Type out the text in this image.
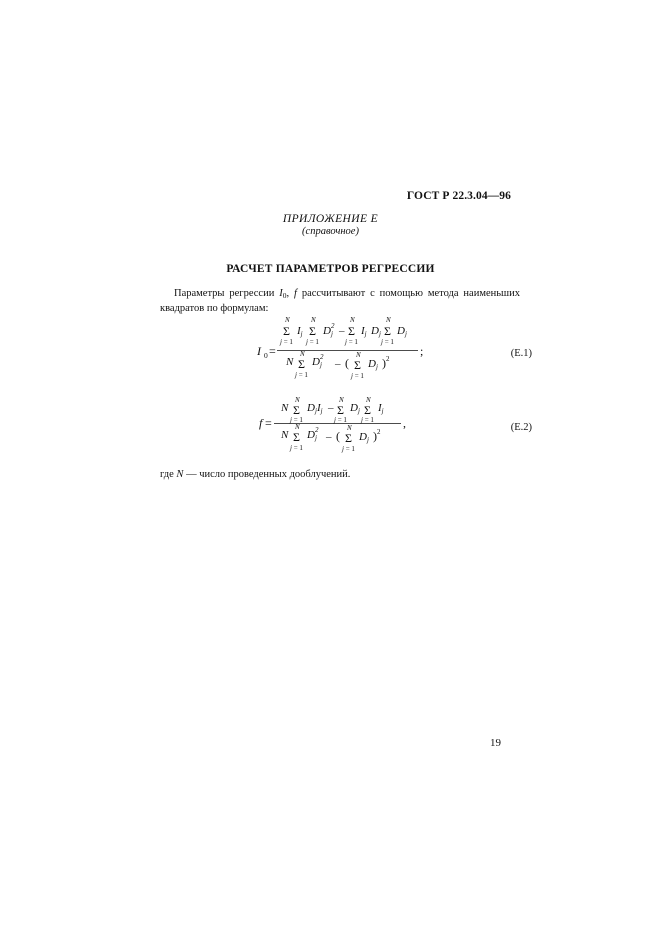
ГОСТ Р 22.3.04—96
ПРИЛОЖЕНИЕ Е
(справочное)
РАСЧЕТ ПАРАМЕТРОВ РЕГРЕССИИ
Параметры регрессии $I_0$, f рассчитывают с помощью метода наименьших квадратов по формулам:
I 0 =	;
N
Σ
j = 1
Ij
N
Σ
j = 1
$D^2$ j –
N
Σ
j = 1
Ij Dj
N
Σ
j = 1
Dj
N
N
Σ
j = 1
$D^2$ j – (
N
Σ
j = 1
Dj )$^2$	(Е.1)
f =	,
N
N
Σ
j = 1
Dj Ij –
N
Σ
j = 1
Dj
N
Σ
j = 1
Ij
N
N
Σ
j = 1
$D^2$ j – (
N
Σ
j = 1
Dj )$^2$	(Е.2)
где N — число проведенных дооблучений.
19
